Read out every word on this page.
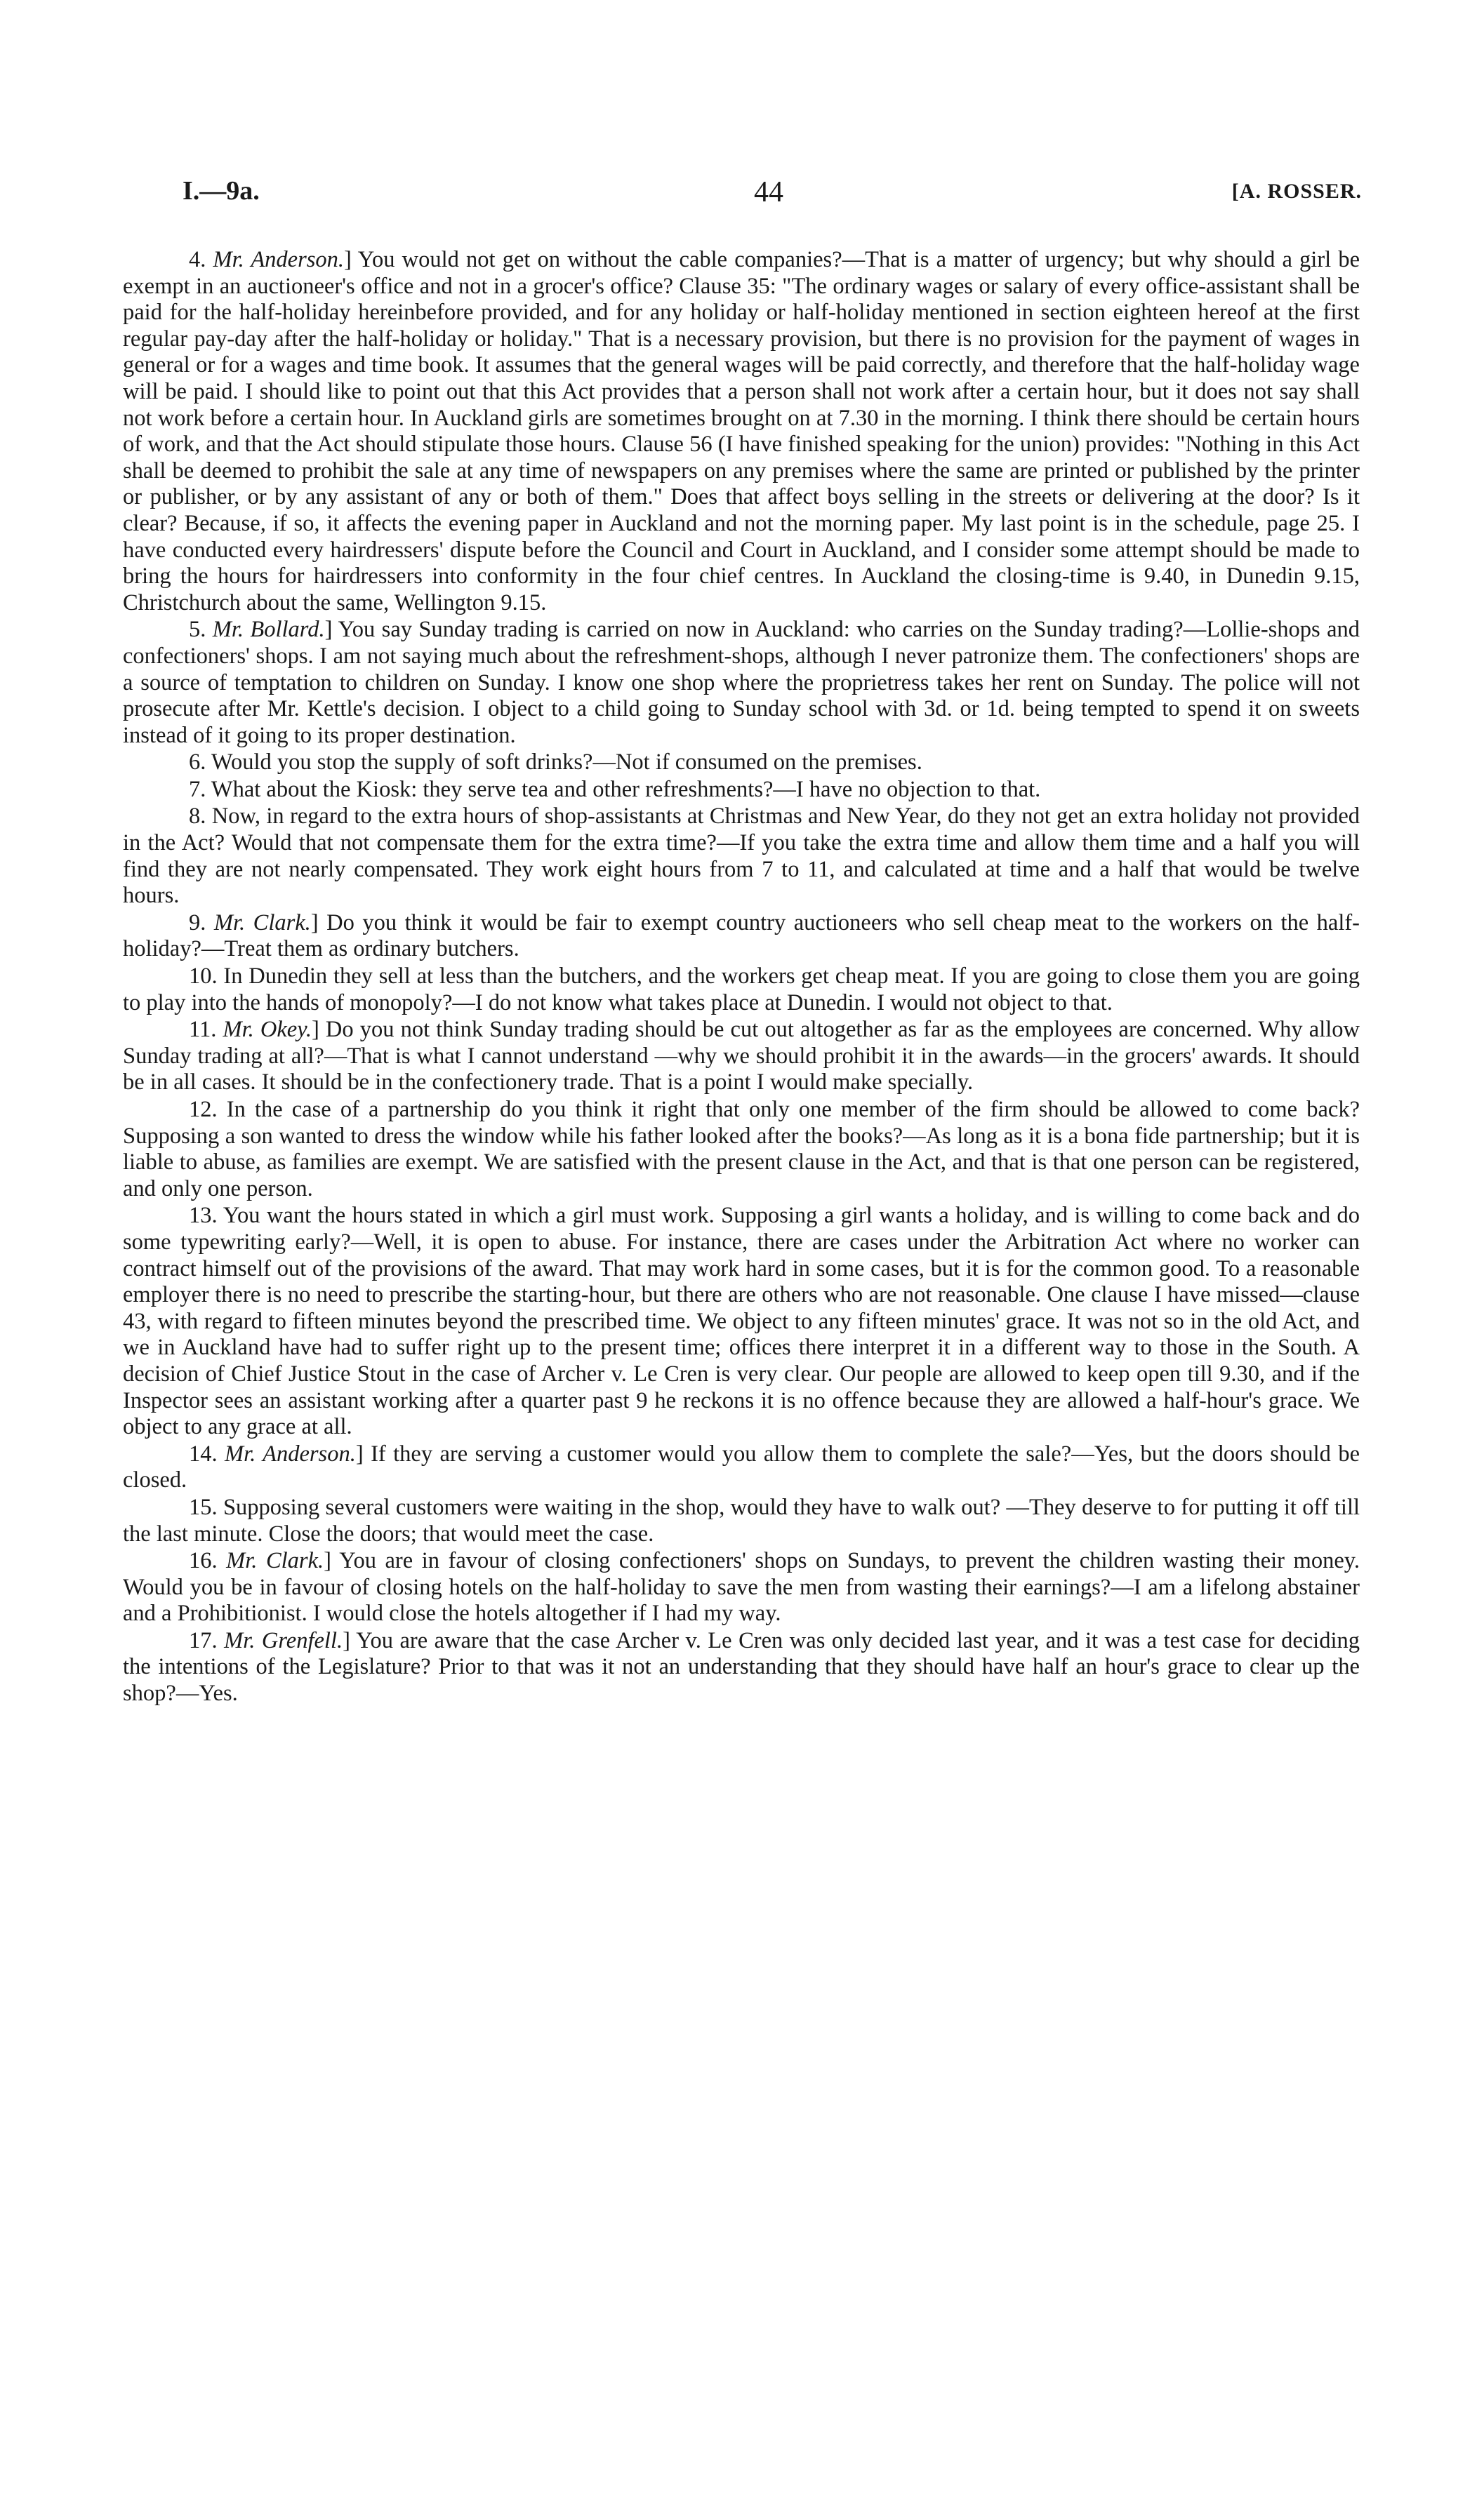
I.—9a.	44	[A. ROSSER.

4. Mr. Anderson.] You would not get on without the cable companies?—That is a matter of urgency; but why should a girl be exempt in an auctioneer's office and not in a grocer's office? Clause 35: "The ordinary wages or salary of every office-assistant shall be paid for the half-holiday hereinbefore provided, and for any holiday or half-holiday mentioned in section eighteen hereof at the first regular pay-day after the half-holiday or holiday." That is a necessary provision, but there is no provision for the payment of wages in general or for a wages and time book. It assumes that the general wages will be paid correctly, and therefore that the half-holiday wage will be paid. I should like to point out that this Act provides that a person shall not work after a certain hour, but it does not say shall not work before a certain hour. In Auckland girls are sometimes brought on at 7.30 in the morning. I think there should be certain hours of work, and that the Act should stipulate those hours. Clause 56 (I have finished speaking for the union) provides: "Nothing in this Act shall be deemed to prohibit the sale at any time of newspapers on any premises where the same are printed or published by the printer or publisher, or by any assistant of any or both of them." Does that affect boys selling in the streets or delivering at the door? Is it clear? Because, if so, it affects the evening paper in Auckland and not the morning paper. My last point is in the schedule, page 25. I have conducted every hairdressers' dispute before the Council and Court in Auckland, and I consider some attempt should be made to bring the hours for hairdressers into conformity in the four chief centres. In Auckland the closing-time is 9.40, in Dunedin 9.15, Christchurch about the same, Wellington 9.15.

5. Mr. Bollard.] You say Sunday trading is carried on now in Auckland: who carries on the Sunday trading?—Lollie-shops and confectioners' shops. I am not saying much about the refreshment-shops, although I never patronize them. The confectioners' shops are a source of temptation to children on Sunday. I know one shop where the proprietress takes her rent on Sunday. The police will not prosecute after Mr. Kettle's decision. I object to a child going to Sunday school with 3d. or 1d. being tempted to spend it on sweets instead of it going to its proper destination.

6. Would you stop the supply of soft drinks?—Not if consumed on the premises.

7. What about the Kiosk: they serve tea and other refreshments?—I have no objection to that.

8. Now, in regard to the extra hours of shop-assistants at Christmas and New Year, do they not get an extra holiday not provided in the Act? Would that not compensate them for the extra time?—If you take the extra time and allow them time and a half you will find they are not nearly compensated. They work eight hours from 7 to 11, and calculated at time and a half that would be twelve hours.

9. Mr. Clark.] Do you think it would be fair to exempt country auctioneers who sell cheap meat to the workers on the half-holiday?—Treat them as ordinary butchers.

10. In Dunedin they sell at less than the butchers, and the workers get cheap meat. If you are going to close them you are going to play into the hands of monopoly?—I do not know what takes place at Dunedin. I would not object to that.

11. Mr. Okey.] Do you not think Sunday trading should be cut out altogether as far as the employees are concerned. Why allow Sunday trading at all?—That is what I cannot understand —why we should prohibit it in the awards—in the grocers' awards. It should be in all cases. It should be in the confectionery trade. That is a point I would make specially.

12. In the case of a partnership do you think it right that only one member of the firm should be allowed to come back? Supposing a son wanted to dress the window while his father looked after the books?—As long as it is a bona fide partnership; but it is liable to abuse, as families are exempt. We are satisfied with the present clause in the Act, and that is that one person can be registered, and only one person.

13. You want the hours stated in which a girl must work. Supposing a girl wants a holiday, and is willing to come back and do some typewriting early?—Well, it is open to abuse. For instance, there are cases under the Arbitration Act where no worker can contract himself out of the provisions of the award. That may work hard in some cases, but it is for the common good. To a reasonable employer there is no need to prescribe the starting-hour, but there are others who are not reasonable. One clause I have missed—clause 43, with regard to fifteen minutes beyond the prescribed time. We object to any fifteen minutes' grace. It was not so in the old Act, and we in Auckland have had to suffer right up to the present time; offices there interpret it in a different way to those in the South. A decision of Chief Justice Stout in the case of Archer v. Le Cren is very clear. Our people are allowed to keep open till 9.30, and if the Inspector sees an assistant working after a quarter past 9 he reckons it is no offence because they are allowed a half-hour's grace. We object to any grace at all.

14. Mr. Anderson.] If they are serving a customer would you allow them to complete the sale?—Yes, but the doors should be closed.

15. Supposing several customers were waiting in the shop, would they have to walk out? —They deserve to for putting it off till the last minute. Close the doors; that would meet the case.

16. Mr. Clark.] You are in favour of closing confectioners' shops on Sundays, to prevent the children wasting their money. Would you be in favour of closing hotels on the half-holiday to save the men from wasting their earnings?—I am a lifelong abstainer and a Prohibitionist. I would close the hotels altogether if I had my way.

17. Mr. Grenfell.] You are aware that the case Archer v. Le Cren was only decided last year, and it was a test case for deciding the intentions of the Legislature? Prior to that was it not an understanding that they should have half an hour's grace to clear up the shop?—Yes.
